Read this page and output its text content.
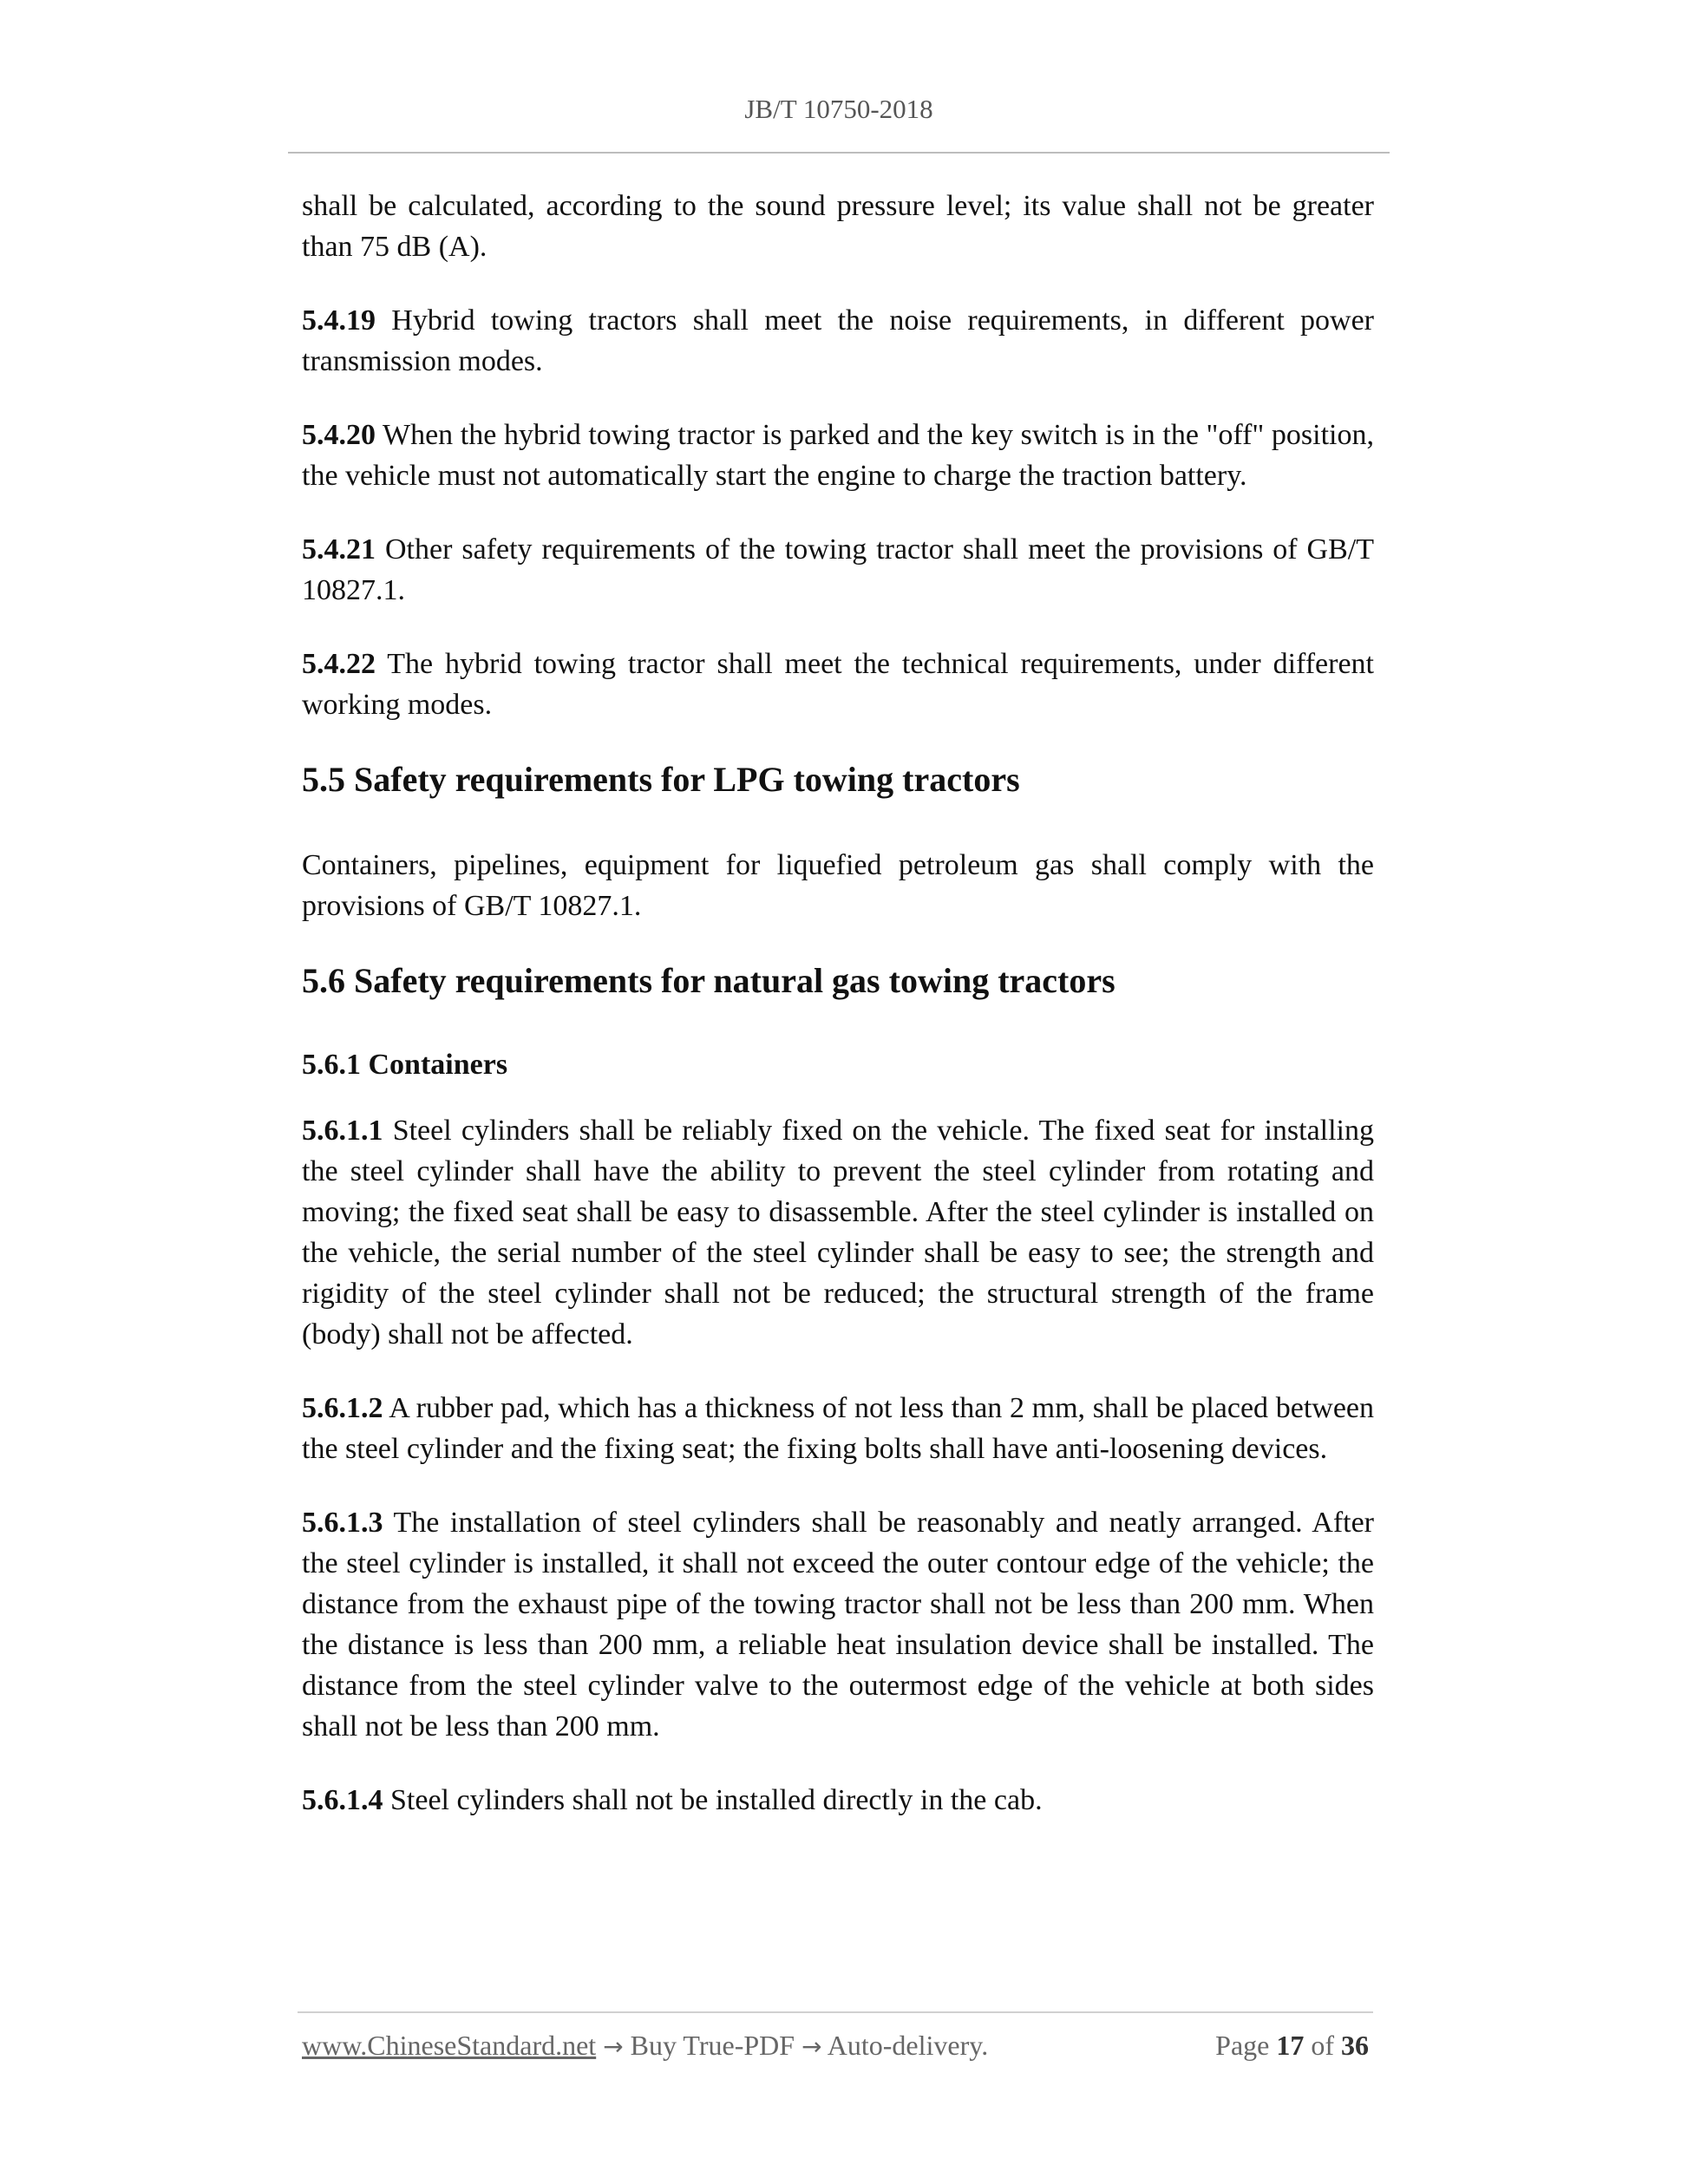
JB/T 10750-2018

shall be calculated, according to the sound pressure level; its value shall not be greater than 75 dB (A).

5.4.19 Hybrid towing tractors shall meet the noise requirements, in different power transmission modes.

5.4.20 When the hybrid towing tractor is parked and the key switch is in the "off" position, the vehicle must not automatically start the engine to charge the traction battery.

5.4.21 Other safety requirements of the towing tractor shall meet the provisions of GB/T 10827.1.

5.4.22 The hybrid towing tractor shall meet the technical requirements, under different working modes.

5.5 Safety requirements for LPG towing tractors

Containers, pipelines, equipment for liquefied petroleum gas shall comply with the provisions of GB/T 10827.1.

5.6 Safety requirements for natural gas towing tractors
5.6.1 Containers

5.6.1.1 Steel cylinders shall be reliably fixed on the vehicle. The fixed seat for installing the steel cylinder shall have the ability to prevent the steel cylinder from rotating and moving; the fixed seat shall be easy to disassemble. After the steel cylinder is installed on the vehicle, the serial number of the steel cylinder shall be easy to see; the strength and rigidity of the steel cylinder shall not be reduced; the structural strength of the frame (body) shall not be affected.

5.6.1.2 A rubber pad, which has a thickness of not less than 2 mm, shall be placed between the steel cylinder and the fixing seat; the fixing bolts shall have anti-loosening devices.

5.6.1.3 The installation of steel cylinders shall be reasonably and neatly arranged. After the steel cylinder is installed, it shall not exceed the outer contour edge of the vehicle; the distance from the exhaust pipe of the towing tractor shall not be less than 200 mm. When the distance is less than 200 mm, a reliable heat insulation device shall be installed. The distance from the steel cylinder valve to the outermost edge of the vehicle at both sides shall not be less than 200 mm.

5.6.1.4 Steel cylinders shall not be installed directly in the cab.

www.ChineseStandard.net → Buy True-PDF → Auto-delivery.	Page 17 of 36
